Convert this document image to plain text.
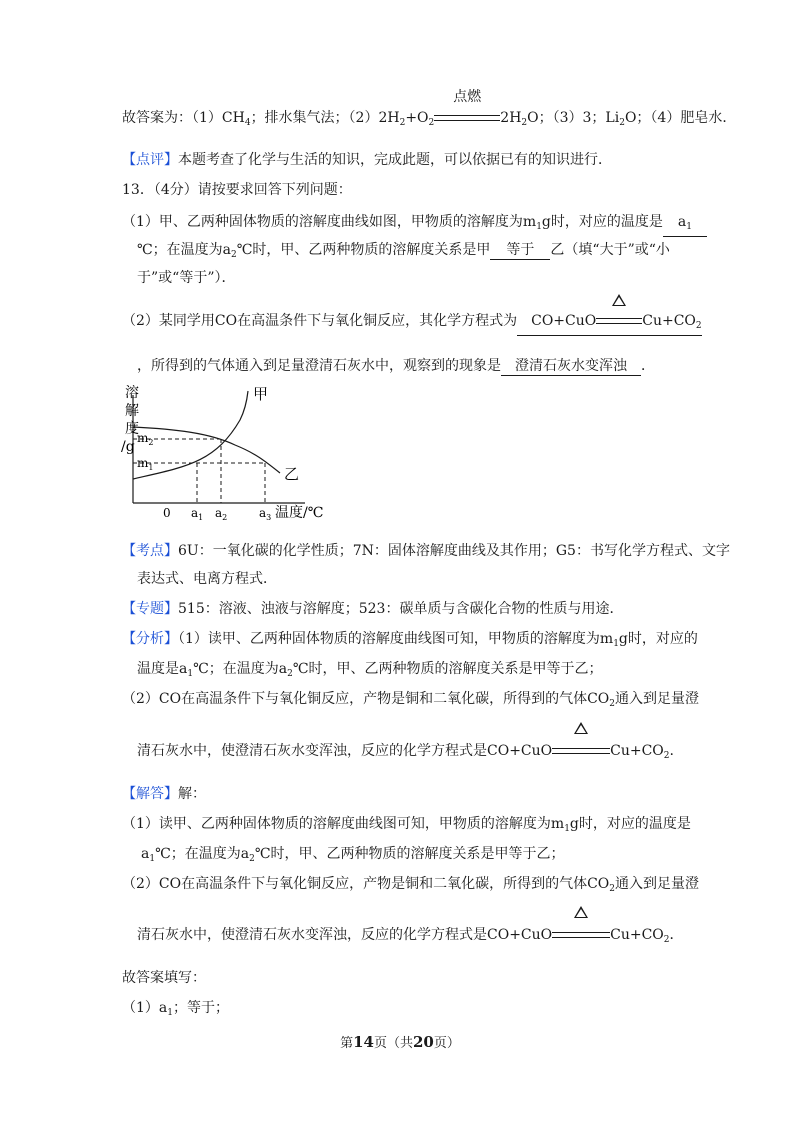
故答案为：$(1)CH_4$；排水集气法；$(2)2H_2+O_2$
点燃
$2H_2O$；（3）3；$Li_2O$；（4）肥皂水．
【点评】本题考查了化学与生活的知识，完成此题，可以依据已有的知识进行．
13．（4分）请按要求回答下列问题：
（1）甲、乙两种固体物质的溶解度曲线如图，甲物质的溶解度为$m_1g$时，对应的温度是 $a_1$
℃；在温度为$a_2℃$时，甲、乙两种物质的溶解度关系是甲 等于 乙（填“大于”或“小
于”或“等于”）．
（2）某同学用CO在高温条件下与氧化铜反应，其化学方程式为 CO+CuO	$Cu+CO_2$
，所得到的气体通入到足量澄清石灰水中，观察到的现象是 澄清石灰水变浑浊 ．
溶
解
度
/g
甲
乙
$m_2$
$m_1$
0 $a_1$ $a_2$	$a_3$ 温度/℃
【考点】6U：一氧化碳的化学性质；7N：固体溶解度曲线及其作用；G5：书写化学方程式、文字
表达式、电离方程式．
【专题】515：溶液、浊液与溶解度；523：碳单质与含碳化合物的性质与用途．
【分析】（1）读甲、乙两种固体物质的溶解度曲线图可知，甲物质的溶解度为$m_1g$时，对应的
温度是$a_1℃$；在温度为$a_2℃$时，甲、乙两种物质的溶解度关系是甲等于乙；
（2）CO在高温条件下与氧化铜反应，产物是铜和二氧化碳，所得到的气体$CO_2$通入到足量澄
清石灰水中，使澄清石灰水变浑浊，反应的化学方程式是CO+CuO	$Cu+CO_2$.
【解答】解：
（1）读甲、乙两种固体物质的溶解度曲线图可知，甲物质的溶解度为$m_1g$时，对应的温度是
$a_1℃$；在温度为$a_2℃$时，甲、乙两种物质的溶解度关系是甲等于乙；
（2）CO在高温条件下与氧化铜反应，产物是铜和二氧化碳，所得到的气体$CO_2$通入到足量澄
清石灰水中，使澄清石灰水变浑浊，反应的化学方程式是CO+CuO	$Cu+CO_2$．
故答案填写：
$(1)a_1$；等于；
第14页（共20页）
